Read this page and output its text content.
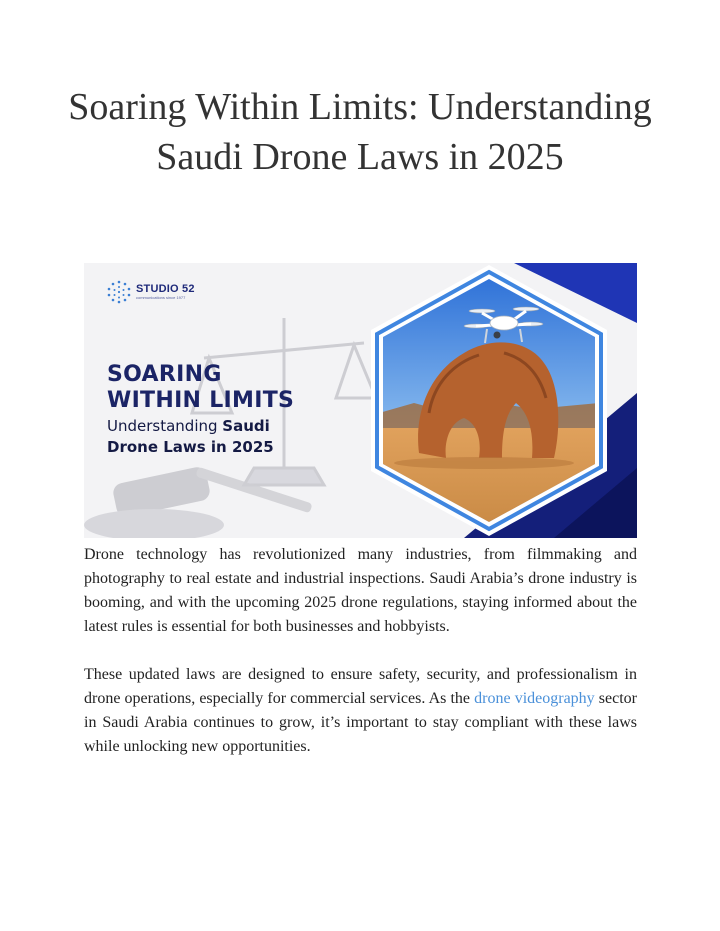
Soaring Within Limits: Understanding Saudi Drone Laws in 2025
STUDIO 52
communications since 1977
SOARING
WITHIN LIMITS
Understanding Saudi
Drone Laws in 2025

Drone technology has revolutionized many industries, from filmmaking and photography to real estate and industrial inspections. Saudi Arabia’s drone industry is booming, and with the upcoming 2025 drone regulations, staying informed about the latest rules is essential for both businesses and hobbyists.

These updated laws are designed to ensure safety, security, and professionalism in drone operations, especially for commercial services. As the drone videography sector in Saudi Arabia continues to grow, it’s important to stay compliant with these laws while unlocking new opportunities.
